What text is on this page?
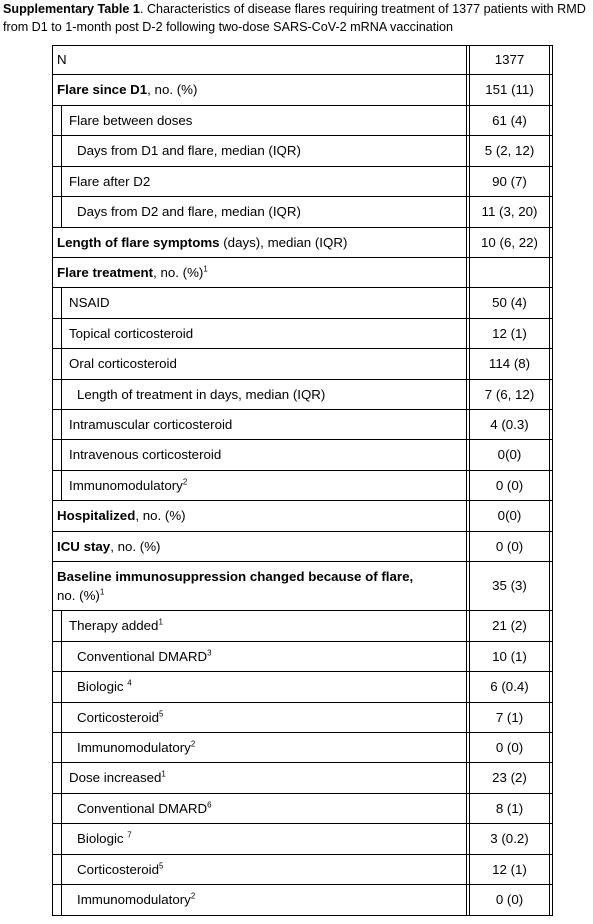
Supplementary Table 1. Characteristics of disease flares requiring treatment of 1377 patients with RMD from D1 to 1-month post D-2 following two-dose SARS-CoV-2 mRNA vaccination
N	1377
Flare since D1, no. (%)	151 (11)
Flare between doses	61 (4)
Days from D1 and flare, median (IQR)	5 (2, 12)
Flare after D2	90 (7)
Days from D2 and flare, median (IQR)	11 (3, 20)
Length of flare symptoms (days), median (IQR)	10 (6, 22)
Flare treatment, no. (%)$^1$
NSAID	50 (4)
Topical corticosteroid	12 (1)
Oral corticosteroid	114 (8)
Length of treatment in days, median (IQR)	7 (6, 12)
Intramuscular corticosteroid	4 (0.3)
Intravenous corticosteroid	0(0)
Immunomodulatory$^2$	0 (0)
Hospitalized, no. (%)	0(0)
ICU stay, no. (%)	0 (0)
Baseline immunosuppression changed because of flare,
no. (%)$^1$	35 (3)
Therapy added$^1$	21 (2)
Conventional DMARD$^3$	10 (1)
Biologic $^4$	6 (0.4)
Corticosteroid$^5$	7 (1)
Immunomodulatory$^2$	0 (0)
Dose increased$^1$	23 (2)
Conventional DMARD$^6$	8 (1)
Biologic $^7$	3 (0.2)
Corticosteroid$^5$	12 (1)
Immunomodulatory$^2$	0 (0)
